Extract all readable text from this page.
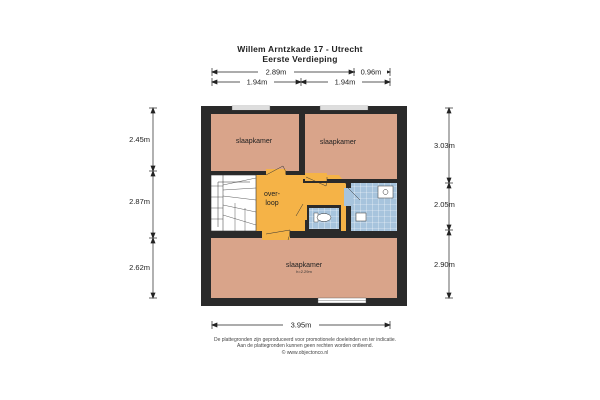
Willem Arntzkade 17 - Utrecht
Eerste Verdieping
2.89m	0.96m
1.94m	1.94m
2.45m
2.87m
2.62m
3.03m
2.05m
2.90m
3.95m
slaapkamer	slaapkamer
over-
loop
slaapkamer
h=2.29m
De plattegronden zijn geproduceerd voor promotionele doeleinden en ter indicatie.
Aan de plattegronden kunnen geen rechten worden ontleend.
© www.objectonco.nl
